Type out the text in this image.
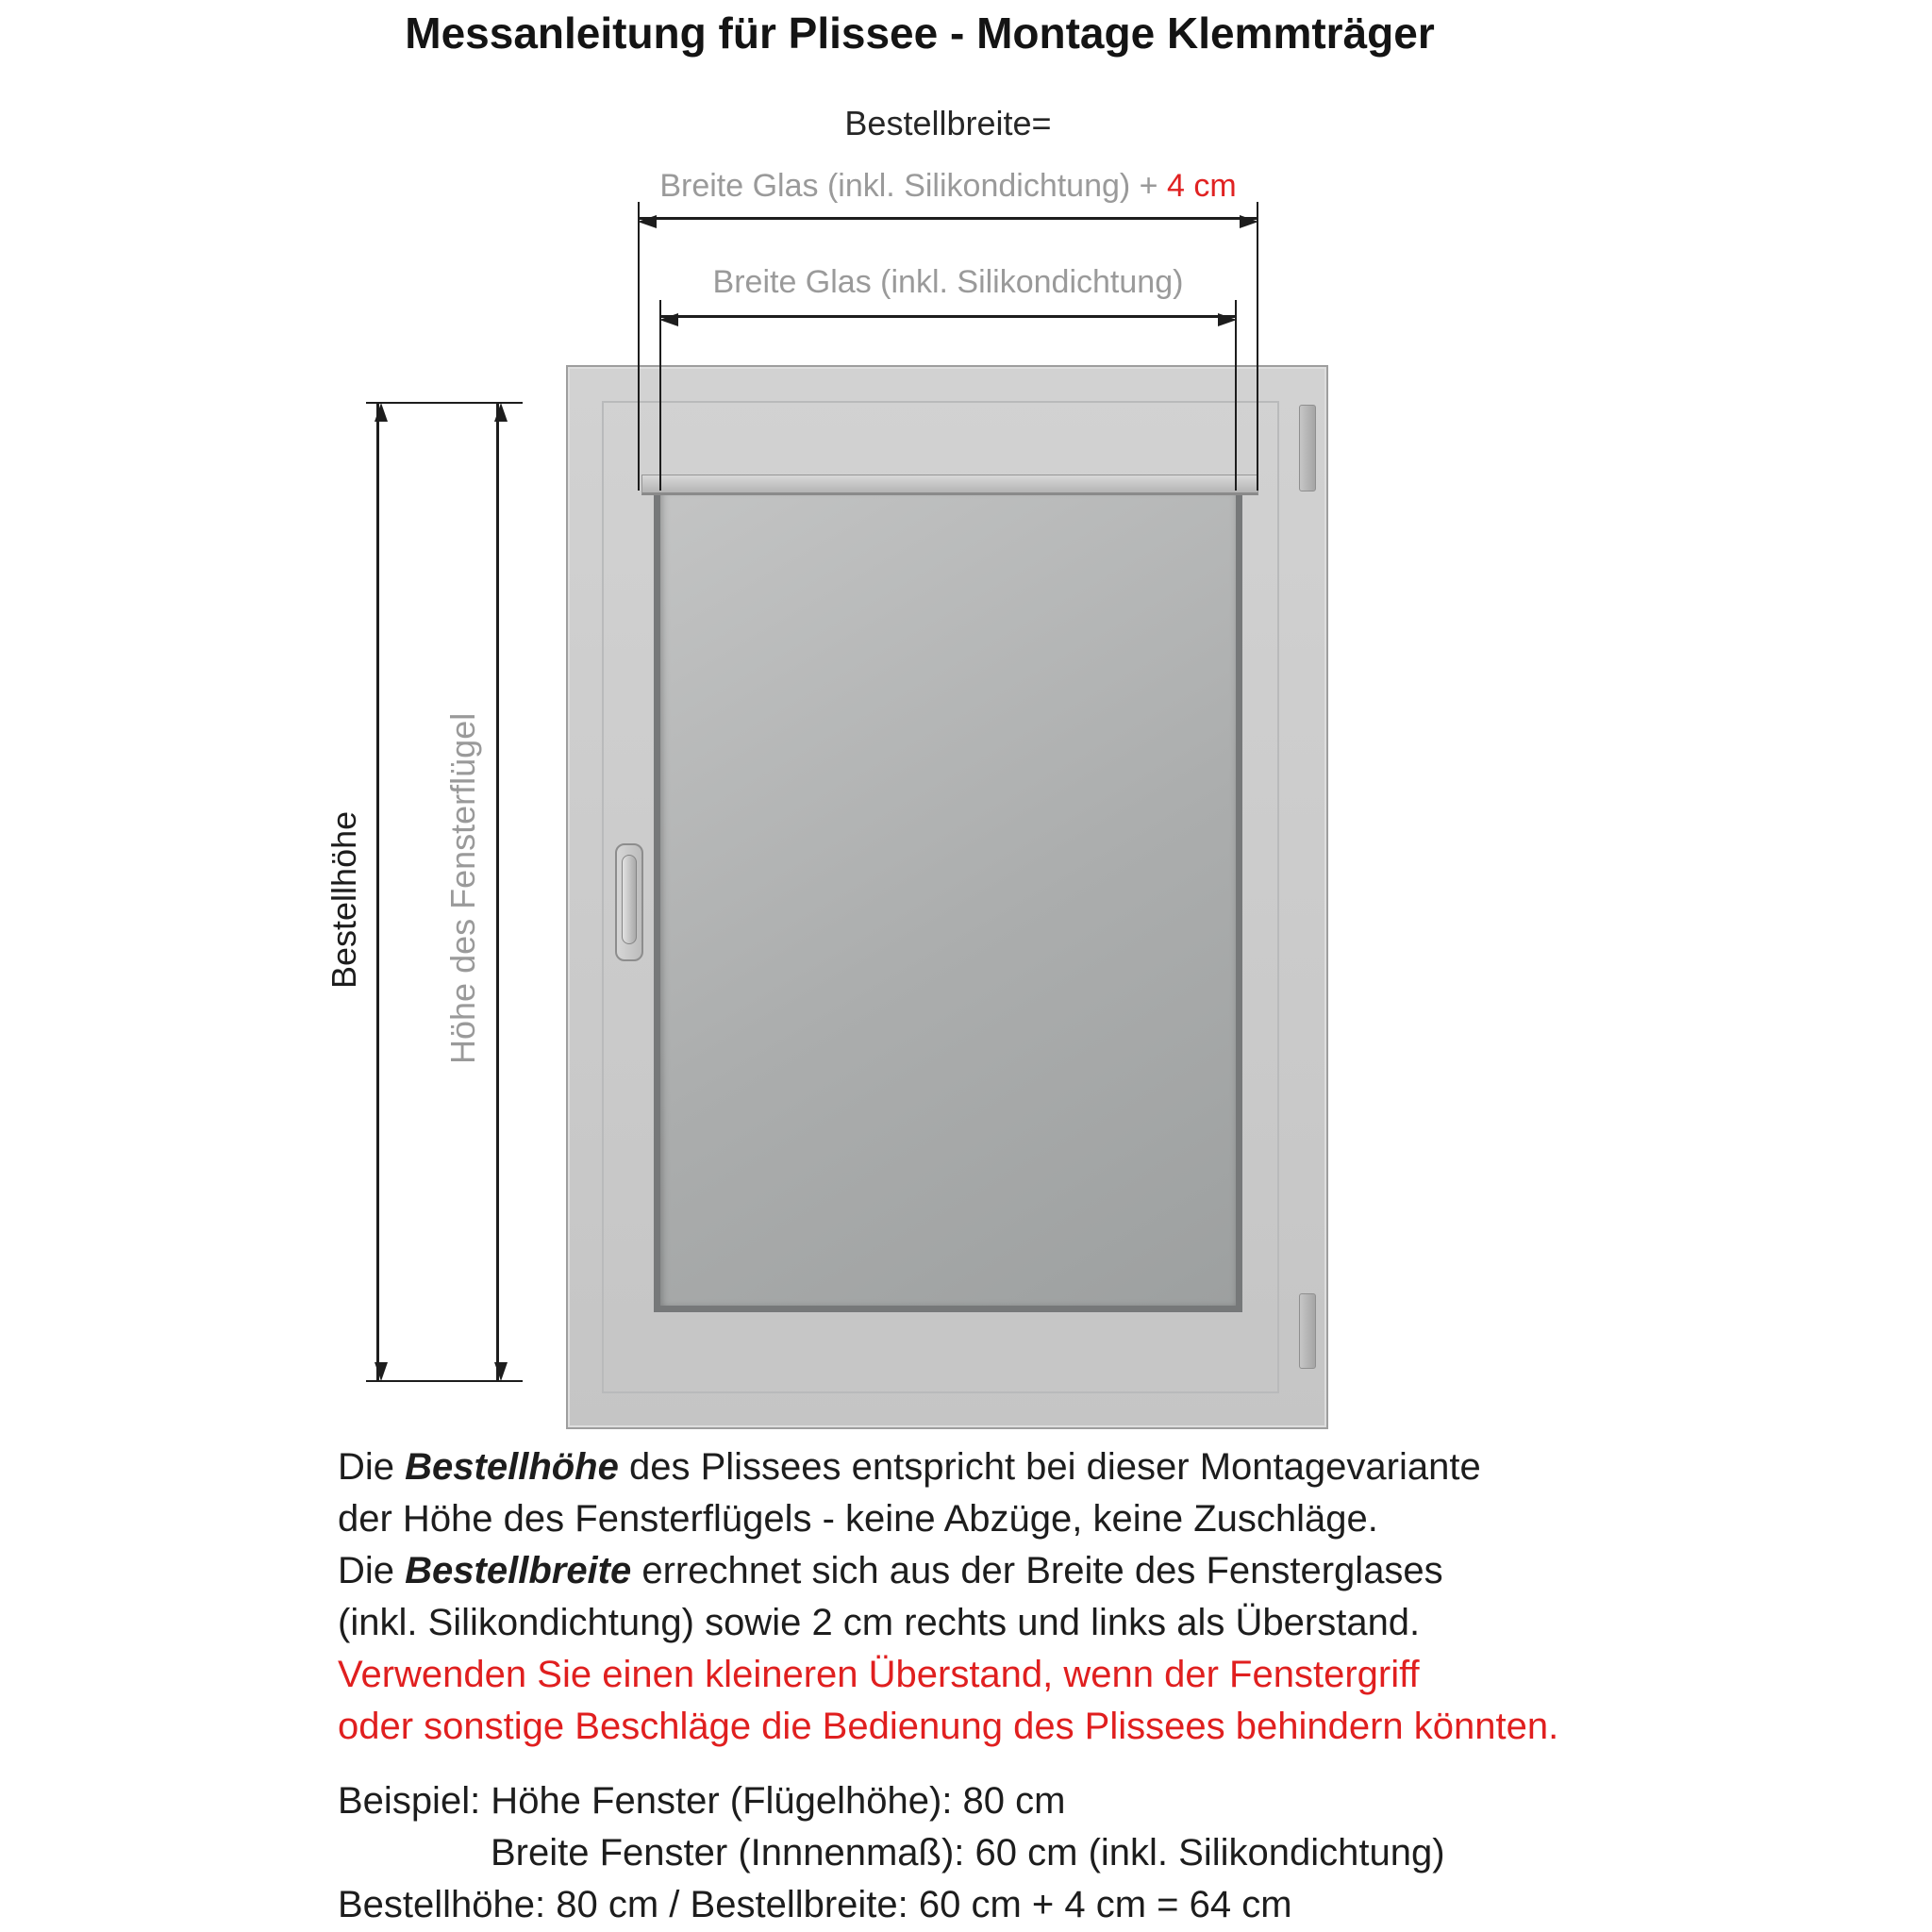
Messanleitung für Plissee - Montage Klemmträger
Bestellbreite=
Breite Glas (inkl. Silikondichtung) + 4 cm
Breite Glas (inkl. Silikondichtung)
Bestellhöhe Höhe des Fensterflügel
Die Bestellhöhe des Plissees entspricht bei dieser Montagevariante
der Höhe des Fensterflügels - keine Abzüge, keine Zuschläge.
Die Bestellbreite errechnet sich aus der Breite des Fensterglases
(inkl. Silikondichtung) sowie 2 cm rechts und links als Überstand.
Verwenden Sie einen kleineren Überstand, wenn der Fenstergriff
oder sonstige Beschläge die Bedienung des Plissees behindern könnten.
Beispiel: Höhe Fenster (Flügelhöhe): 80 cm
Breite Fenster (Innnenmaß): 60 cm (inkl. Silikondichtung)
Bestellhöhe: 80 cm / Bestellbreite: 60 cm + 4 cm = 64 cm
